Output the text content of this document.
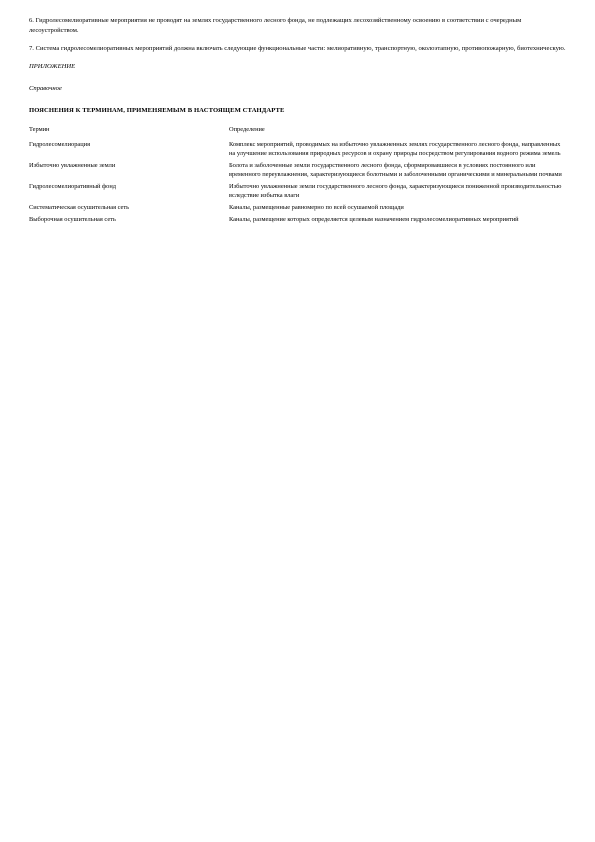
6. Гидролесомелиоративные мероприятия не проводят на землях государственного лесного фонда, не подлежащих лесохозяйственному освоению в соответствии с очередным лесоустройством.

7. Система гидролесомелиоративных мероприятий должна включать следующие функциональные части: мелиоративную, транспортную, околоэтапную, противопожарную, биотехническую.

ПРИЛОЖЕНИЕ
Справочное
ПОЯСНЕНИЯ К ТЕРМИНАМ, ПРИМЕНЯЕМЫМ В НАСТОЯЩЕМ СТАНДАРТЕ
Термин	Определение
Гидролесомелиорация	Комплекс мероприятий, проводимых на избыточно увлажненных землях государственного лесного фонда, направленных на улучшение использования природных ресурсов и охрану природы посредством регулирования водного режима земель
Избыточно увлажненные земли	Болота и заболоченные земли государственного лесного фонда, сформировавшиеся в условиях постоянного или временного переувлажнения, характеризующиеся болотными и заболоченными органическими и минеральными почвами
Гидролесомелиоративный фонд	Избыточно увлажненные земли государственного лесного фонда, характеризующиеся пониженной производительностью вследствие избытка влаги
Систематическая осушительная сеть	Каналы, размещенные равномерно по всей осушаемой площади
Выборочная осушительная сеть	Каналы, размещение которых определяется целевым назначением гидролесомелиоративных мероприятий
